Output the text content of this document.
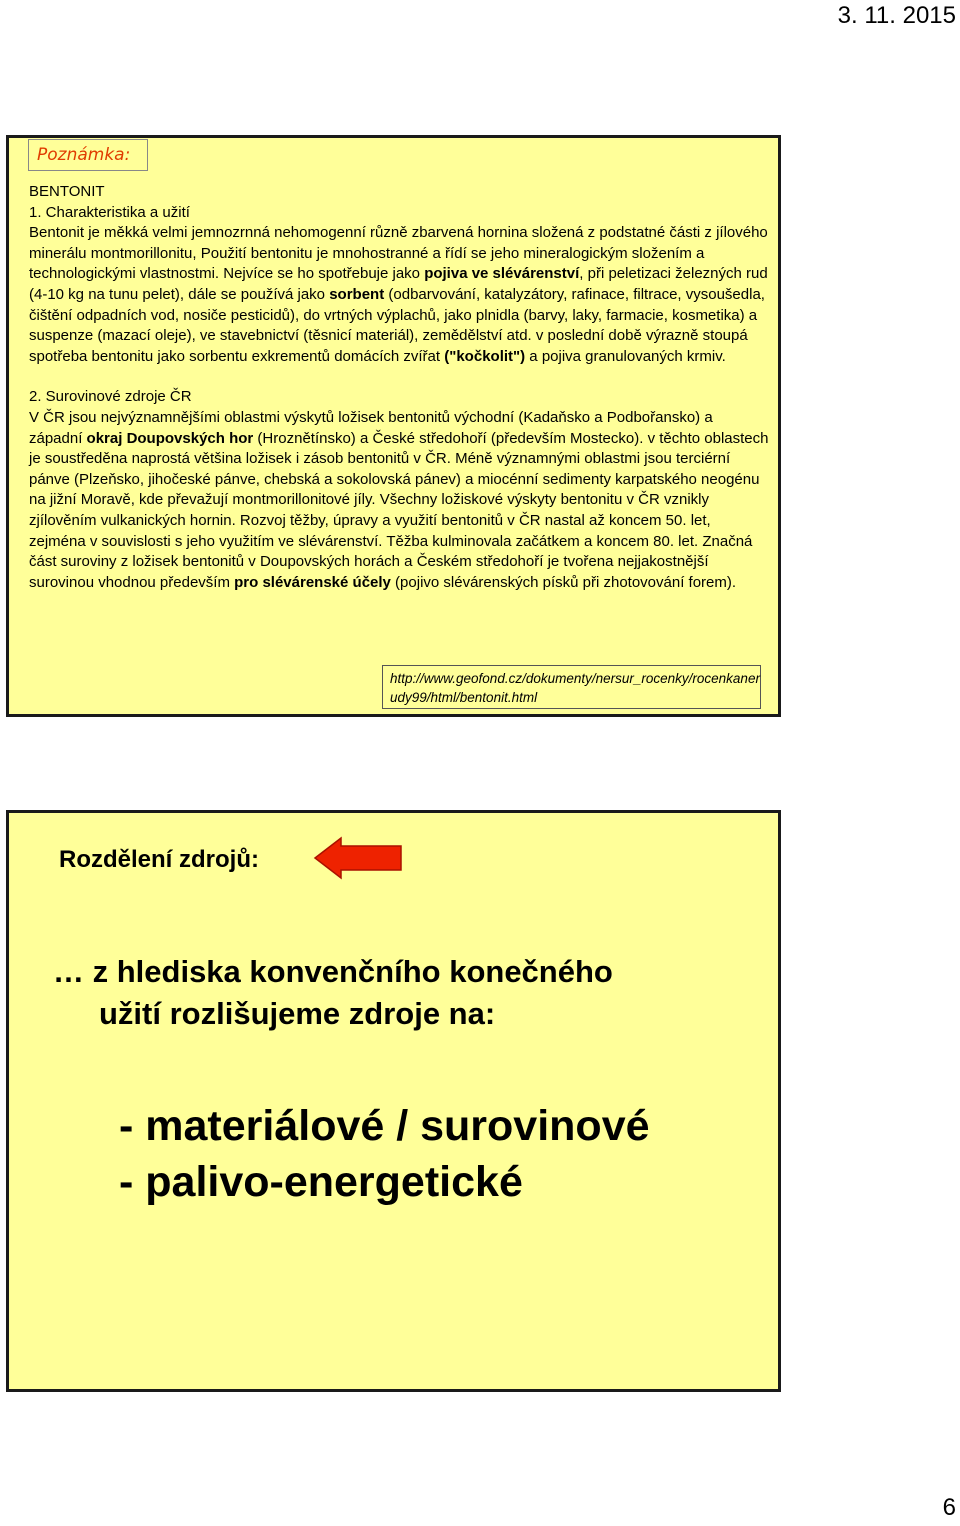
3. 11. 2015
Poznámka:

BENTONIT

1. Charakteristika a užití

Bentonit je měkká velmi jemnozrnná nehomogenní různě zbarvená hornina složená z podstatné části z jílového minerálu montmorillonitu, Použití bentonitu je mnohostranné a řídí se jeho mineralogickým složením a technologickými vlastnostmi. Nejvíce se ho spotřebuje jako pojiva ve slévárenství, při peletizaci železných rud (4-10 kg na tunu pelet), dále se používá jako sorbent (odbarvování, katalyzátory, rafinace, filtrace, vysoušedla, čištění odpadních vod, nosiče pesticidů), do vrtných výplachů, jako plnidla (barvy, laky, farmacie, kosmetika) a suspenze (mazací oleje), ve stavebnictví (těsnicí materiál), zemědělství atd. v poslední době výrazně stoupá spotřeba bentonitu jako sorbentu exkrementů domácích zvířat ("kočkolit") a pojiva granulovaných krmiv.

2. Surovinové zdroje ČR

V ČR jsou nejvýznamnějšími oblastmi výskytů ložisek bentonitů východní (Kadaňsko a Podbořansko) a západní okraj Doupovských hor (Hroznětínsko) a České středohoří (především Mostecko). v těchto oblastech je soustředěna naprostá většina ložisek i zásob bentonitů v ČR. Méně významnými oblastmi jsou terciérní pánve (Plzeňsko, jihočeské pánve, chebská a sokolovská pánev) a miocénní sedimenty karpatského neogénu na jižní Moravě, kde převažují montmorillonitové jíly. Všechny ložiskové výskyty bentonitu v ČR vznikly zjílověním vulkanických hornin. Rozvoj těžby, úpravy a využití bentonitů v ČR nastal až koncem 50. let, zejména v souvislosti s jeho využitím ve slévárenství. Těžba kulminovala začátkem a koncem 80. let. Značná část suroviny z ložisek bentonitů v Doupovských horách a Českém středohoří je tvořena nejjakostnější surovinou vhodnou především pro slévárenské účely (pojivo slévárenských písků při zhotovování forem).

http://www.geofond.cz/dokumenty/nersur_rocenky/rocenkanerudy99/html/bentonit.html
Rozdělení zdrojů:
… z hlediska konvenčního konečného
užití rozlišujeme zdroje na:
- materiálové / surovinové
- palivo-energetické
6
